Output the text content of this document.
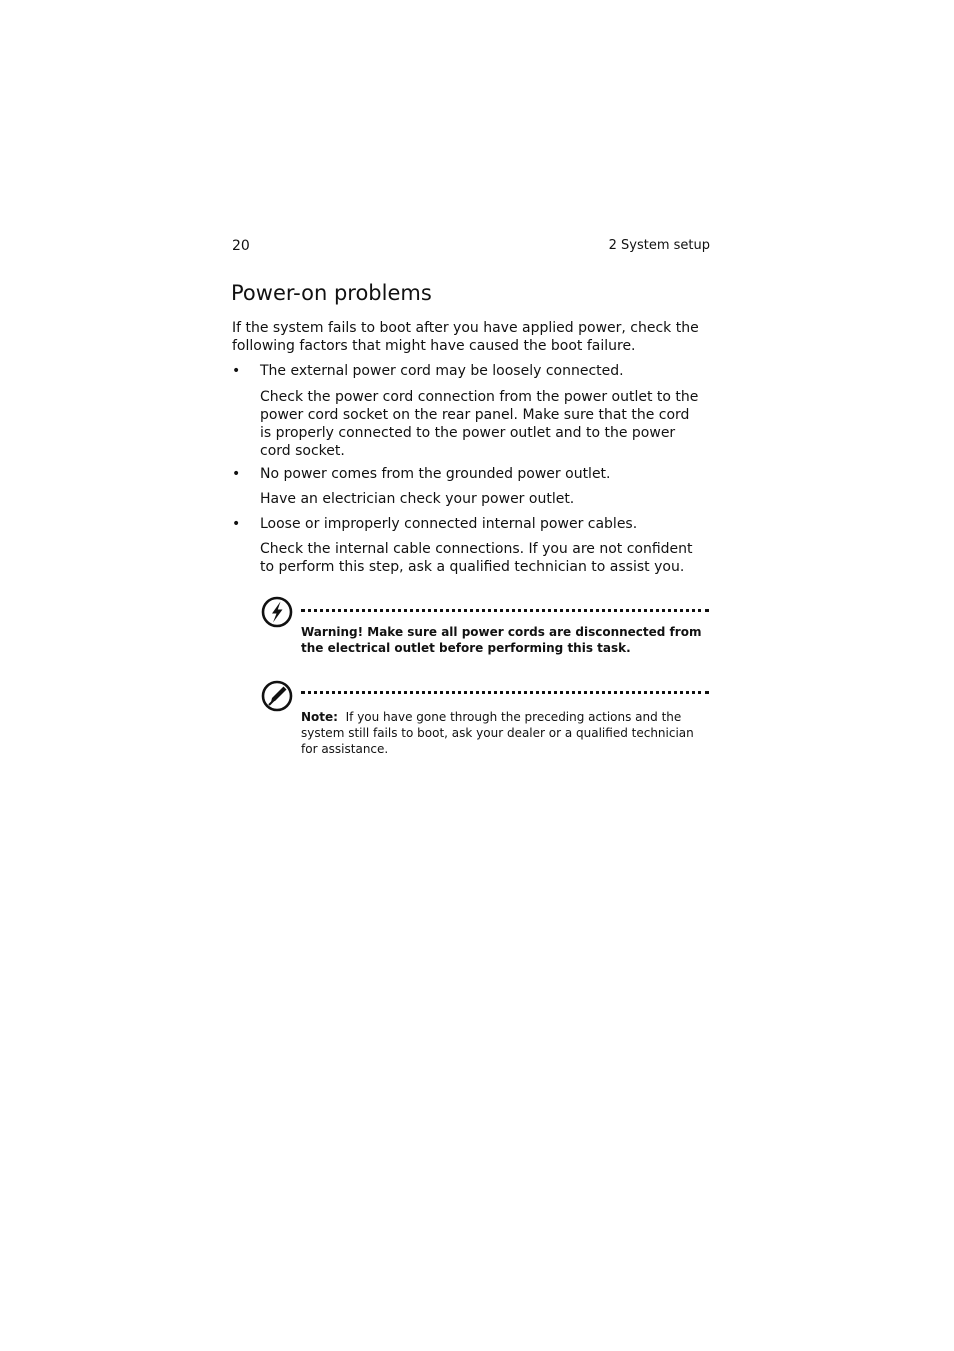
20	2 System setup
Power-on problems

If the system fails to boot after you have applied power, check the following factors that might have caused the boot failure.

• The external power cord may be loosely connected.

Check the power cord connection from the power outlet to the power cord socket on the rear panel. Make sure that the cord is properly connected to the power outlet and to the power cord socket.

• No power comes from the grounded power outlet.

Have an electrician check your power outlet.

• Loose or improperly connected internal power cables.

Check the internal cable connections. If you are not confident to perform this step, ask a qualified technician to assist you.

Warning! Make sure all power cords are disconnected from the electrical outlet before performing this task.

Note: If you have gone through the preceding actions and the system still fails to boot, ask your dealer or a qualified technician for assistance.
